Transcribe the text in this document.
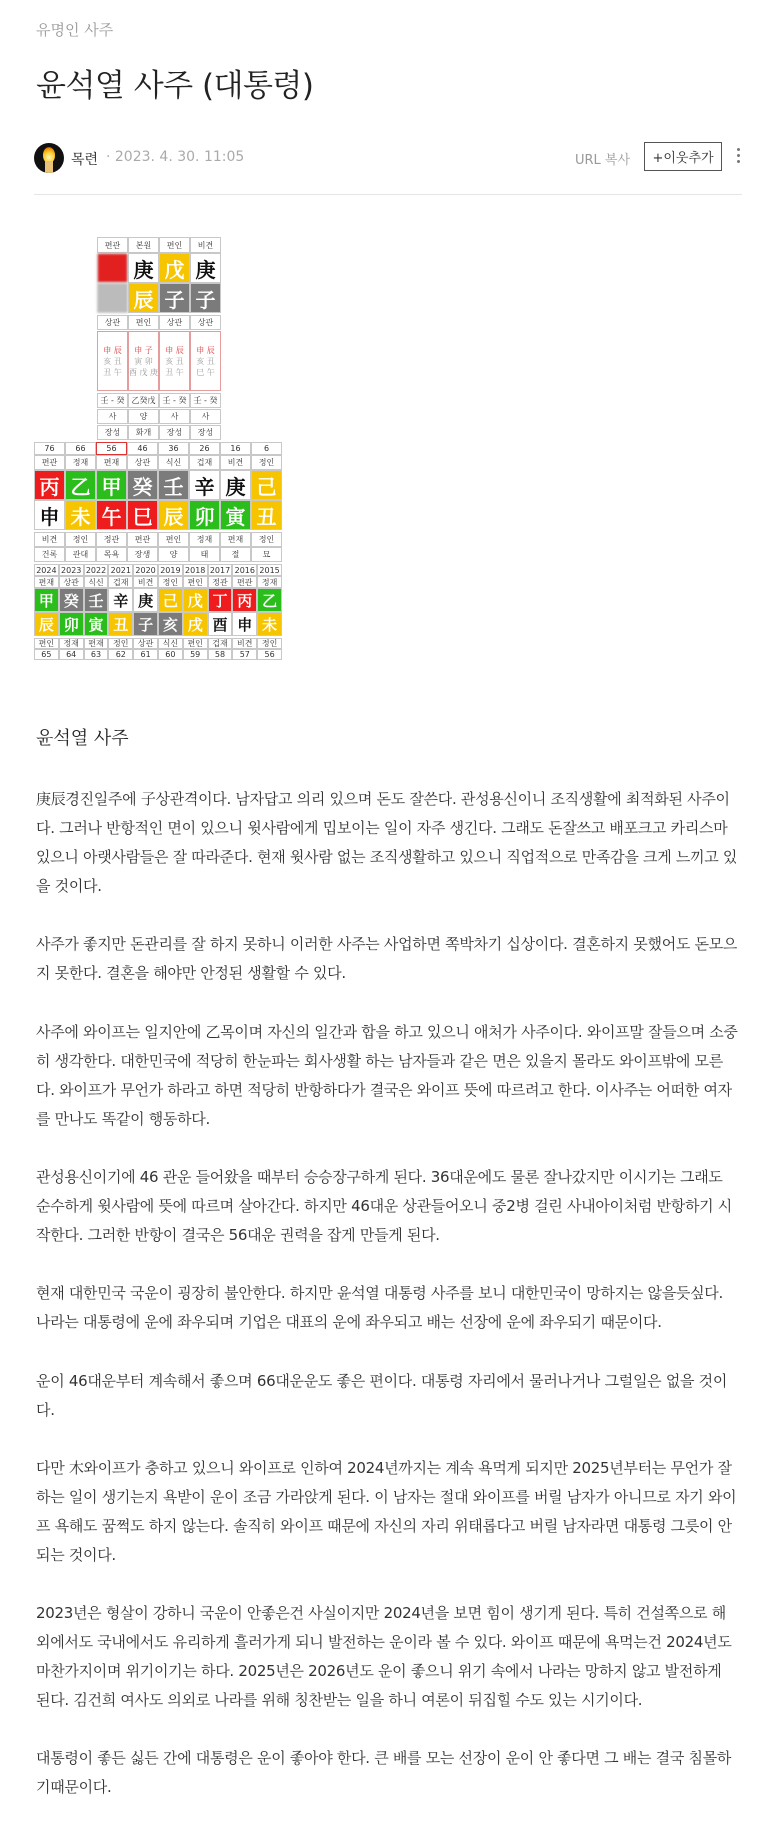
유명인 사주
윤석열 사주 (대통령)
목련 · 2023. 4. 30. 11:05	URL 복사	+이웃추가
편관
상관
申 辰
亥 丑
丑 午
壬 - 癸
사
장성
본원
庚
辰
편인
申 子
寅 卯
酉 戊 庚
乙癸戊
양
화개
편인
戊
子
상관
申 辰
亥 丑
丑 午
壬 - 癸
사
장성
비견
庚
子
상관
申 辰
亥 丑
巳 午
壬 - 癸
사
장성
76
편관
丙
申
비견
건록
66
정재
乙
未
정인
관대
56
편재
甲
午
정관
목욕
46
상관
癸
巳
편관
장생
36
식신
壬
辰
편인
양
26
겁재
辛
卯
정재
태
16
비견
庚
寅
편재
절
6
정인
己
丑
정인
묘
2024
편재
甲
辰
편인
65
2023
상관
癸
卯
정재
64
2022
식신
壬
寅
편재
63
2021
겁재
辛
丑
정인
62
2020
비견
庚
子
상관
61
2019
정인
己
亥
식신
60
2018
편인
戊
戌
편인
59
2017
정관
丁
酉
겁재
58
2016
편관
丙
申
비견
57
2015
정재
乙
未
정인
56
윤석열 사주
庚辰경진일주에 子상관격이다. 남자답고 의리 있으며 돈도 잘쓴다. 관성용신이니 조직생활에 최적화된 사주이다. 그러나 반항적인 면이 있으니 윗사람에게 밉보이는 일이 자주 생긴다. 그래도 돈잘쓰고 배포크고 카리스마 있으니 아랫사람들은 잘 따라준다. 현재 윗사람 없는 조직생활하고 있으니 직업적으로 만족감을 크게 느끼고 있을 것이다.
사주가 좋지만 돈관리를 잘 하지 못하니 이러한 사주는 사업하면 쪽박차기 십상이다. 결혼하지 못했어도 돈모으지 못한다. 결혼을 해야만 안정된 생활할 수 있다.
사주에 와이프는 일지안에 乙목이며 자신의 일간과 합을 하고 있으니 애처가 사주이다. 와이프말 잘들으며 소중히 생각한다. 대한민국에 적당히 한눈파는 회사생활 하는 남자들과 같은 면은 있을지 몰라도 와이프밖에 모른다. 와이프가 무언가 하라고 하면 적당히 반항하다가 결국은 와이프 뜻에 따르려고 한다. 이사주는 어떠한 여자를 만나도 똑같이 행동하다.
관성용신이기에 46 관운 들어왔을 때부터 승승장구하게 된다. 36대운에도 물론 잘나갔지만 이시기는 그래도 순수하게 윗사람에 뜻에 따르며 살아간다. 하지만 46대운 상관들어오니 중2병 걸린 사내아이처럼 반항하기 시작한다. 그러한 반항이 결국은 56대운 권력을 잡게 만들게 된다.
현재 대한민국 국운이 굉장히 불안한다. 하지만 윤석열 대통령 사주를 보니 대한민국이 망하지는 않을듯싶다. 나라는 대통령에 운에 좌우되며 기업은 대표의 운에 좌우되고 배는 선장에 운에 좌우되기 때문이다.
운이 46대운부터 계속해서 좋으며 66대운운도 좋은 편이다. 대통령 자리에서 물러나거나 그럴일은 없을 것이다.
다만 木와이프가 충하고 있으니 와이프로 인하여 2024년까지는 계속 욕먹게 되지만 2025년부터는 무언가 잘하는 일이 생기는지 욕받이 운이 조금 가라앉게 된다. 이 남자는 절대 와이프를 버릴 남자가 아니므로 자기 와이프 욕해도 꿈쩍도 하지 않는다. 솔직히 와이프 때문에 자신의 자리 위태롭다고 버릴 남자라면 대통령 그릇이 안 되는 것이다.
2023년은 형살이 강하니 국운이 안좋은건 사실이지만 2024년을 보면 힘이 생기게 된다. 특히 건설쪽으로 해외에서도 국내에서도 유리하게 흘러가게 되니 발전하는 운이라 볼 수 있다. 와이프 때문에 욕먹는건 2024년도 마찬가지이며 위기이기는 하다. 2025년은 2026년도 운이 좋으니 위기 속에서 나라는 망하지 않고 발전하게 된다. 김건희 여사도 의외로 나라를 위해 칭찬받는 일을 하니 여론이 뒤집힐 수도 있는 시기이다.
대통령이 좋든 싫든 간에 대통령은 운이 좋아야 한다. 큰 배를 모는 선장이 운이 안 좋다면 그 배는 결국 침몰하기때문이다.
